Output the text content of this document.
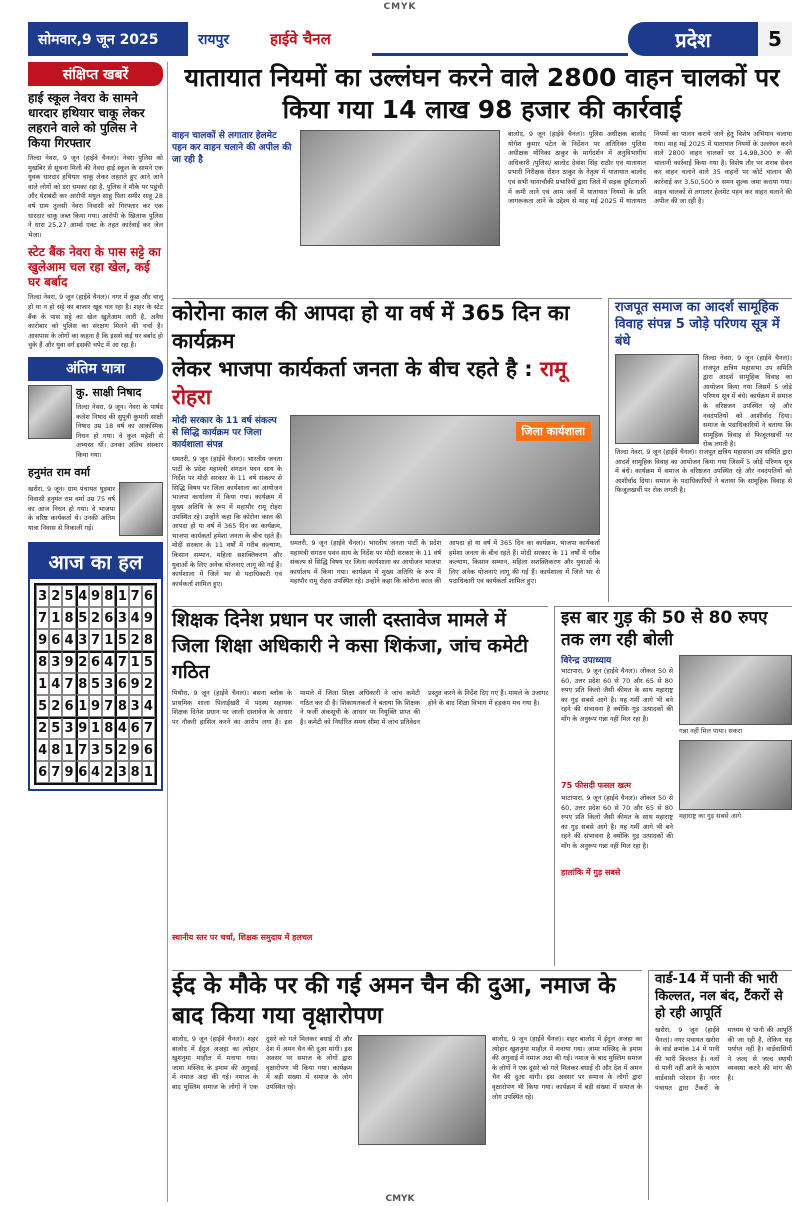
CMYK
सोमवार,9 जून 2025	रायपुर	हाईवे चैनल	प्रदेश	5
संक्षिप्त खबरें
हाई स्कूल नेवरा के सामने धारदार हथियार चाकू लेकर लहराने वाले को पुलिस ने किया गिरफ्तार
तिल्दा नेवरा, 9 जून (हाईवे चैनल)। नेवरा पुलिस को मुखबिर से सूचना मिली की नेवरा हाई स्कूल के सामने एक युवक धारदार हथियार चाकू लेकर लहराते हुए आने जाने वाले लोगों को डरा धमका रहा है, पुलिस ने मौके पर पहुंची और घेराबंदी कर आरोपी मयुल साहू पिता समीर साहू 28 वर्ष ग्राम तुलसी नेवरा निवासी को गिरफ्तार कर एक धारदार चाकू जब्त किया गया। आरोपी के खिलाफ पुलिस ने धारा 25,27 आर्म्स एक्ट के तहत कार्रवाई कर जेल भेजा।
स्टेट बैंक नेवरा के पास सट्टे का खुलेआम चल रहा खेल, कई घर बर्बाद
तिल्दा नेवरा, 9 जून (हाईवे चैनल)। नगर में कुछ और चालू हो या न हो सट्टे का बाजार खूब चल रहा है। शहर के स्टेट बैंक के पास सट्टे का खेल खुलेआम जारी है, अवैध कारोबार को पुलिस का संरक्षण मिलने की चर्चा है। आसपास के लोगों का कहना है कि इससे कई घर बर्बाद हो चुके हैं और युवा वर्ग इसकी चपेट में आ रहा है।
अंतिम यात्रा
कु. साक्षी निषाद
तिल्दा नेवरा, 9 जून। नेवरा के पार्षद कलेश निषाद की सुपुत्री कुमारी साक्षी निषाद उम्र 18 वर्ष का आकस्मिक निधन हो गया। वे कुल महेशी से अभ्यस्त थीं। उनका अंतिम संस्कार किया गया।
हनुमंत राम वर्मा
खरोरा, 9 जून। ग्राम पंचायत घुड़वार निवासी हनुमंत राम वर्मा उम्र 75 वर्ष का आज निधन हो गया। वे भाजपा के वरिष्ठ कार्यकर्ता थे। उनकी अंतिम यात्रा निवास से निकाली गई।
आज का हल
3 2 5 4 9 8 1 7 6
7 1 8 5 2 6 3 4 9
9 6 4 3 7 1 5 2 8
8 3 9 2 6 4 7 1 5
1 4 7 8 5 3 6 9 2
5 2 6 1 9 7 8 3 4
2 5 3 9 1 8 4 6 7
4 8 1 7 3 5 2 9 6
6 7 9 6 4 2 3 8 1
यातायात नियमों का उल्लंघन करने वाले 2800 वाहन चालकों पर किया गया 14 लाख 98 हजार की कार्रवाई
वाहन चालकों से लगातार हेलमेट पहन कर वाहन चलाने की अपील की जा रही है
बालोद, 9 जून (हाईवे चैनल)। पुलिस अधीक्षक बालोद योगेश कुमार पटेल के निर्देशन पर अतिरिक्त पुलिस अधीक्षक मोनिका ठाकुर के मार्गदर्शन में अनुविभागीय अधिकारी /पुलिस/ बालोद देवांश सिंह राठौर एवं यातायात प्रभारी निरीक्षक रोशन ठाकुर के नेतृत्व में यातायात बालोद एवं सभी थानाचौकी प्रभारियों द्वारा जिले में सड़क दुर्घटनाओं में कमी लाने एवं आम जनों में यातायात नियमों के प्रति जागरूकता लाने के उद्देश्य से माह मई 2025 में यातायात नियमों का पालन कराये जाने हेतु विशेष अभियान चलाया गया। माह मई 2025 में यातायात नियमों के उल्लंघन करने वाले 2800 वाहन चालकों पर 14,98,300 रु की चालानी कार्रवाई किया गया है। विशेष तौर पर शराब सेवन कर वाहन चलाने वाले 35 वाहनों पर कोर्ट चालान की कार्रवाई कर 3,50,500 रु समन शुल्क जमा कराया गया। वाहन चालकों से लगातार हेलमेट पहन कर वाहन चलाने की अपील की जा रही है।
कोरोना काल की आपदा हो या वर्ष में 365 दिन का कार्यक्रम
लेकर भाजपा कार्यकर्ता जनता के बीच रहते है : रामू रोहरा
मोदी सरकार के 11 वर्ष संकल्प से सिद्धि कार्यक्रम पर जिला कार्यशाला संपन्न
धमतरी, 9 जून (हाईवे चैनल)। भारतीय जनता पार्टी के प्रदेश महामंत्री संगठन पवन साय के निर्देश पर मोदी सरकार के 11 वर्ष संकल्प से सिद्धि विषय पर जिला कार्यशाला का आयोजन भाजपा कार्यालय में किया गया। कार्यक्रम में मुख्य अतिथि के रूप में महापौर रामू रोहरा उपस्थित रहे। उन्होंने कहा कि कोरोना काल की आपदा हो या वर्ष में 365 दिन का कार्यक्रम, भाजपा कार्यकर्ता हमेशा जनता के बीच रहते हैं। मोदी सरकार के 11 वर्षों में गरीब कल्याण, किसान सम्मान, महिला सशक्तिकरण और युवाओं के लिए अनेक योजनाएं लागू की गई हैं। कार्यशाला में जिले भर से पदाधिकारी एवं कार्यकर्ता शामिल हुए।
जिला कार्यशाला
धमतरी, 9 जून (हाईवे चैनल)। भारतीय जनता पार्टी के प्रदेश महामंत्री संगठन पवन साय के निर्देश पर मोदी सरकार के 11 वर्ष संकल्प से सिद्धि विषय पर जिला कार्यशाला का आयोजन भाजपा कार्यालय में किया गया। कार्यक्रम में मुख्य अतिथि के रूप में महापौर रामू रोहरा उपस्थित रहे। उन्होंने कहा कि कोरोना काल की आपदा हो या वर्ष में 365 दिन का कार्यक्रम, भाजपा कार्यकर्ता हमेशा जनता के बीच रहते हैं। मोदी सरकार के 11 वर्षों में गरीब कल्याण, किसान सम्मान, महिला सशक्तिकरण और युवाओं के लिए अनेक योजनाएं लागू की गई हैं। कार्यशाला में जिले भर से पदाधिकारी एवं कार्यकर्ता शामिल हुए।
राजपूत समाज का आदर्श सामूहिक विवाह संपन्न 5 जोड़े परिणय सूत्र में बंधे
तिल्दा नेवरा, 9 जून (हाईवे चैनल)। राजपूत क्षत्रिय महासभा उप समिति द्वारा आदर्श सामूहिक विवाह का आयोजन किया गया जिसमें 5 जोड़े परिणय सूत्र में बंधे। कार्यक्रम में समाज के वरिष्ठजन उपस्थित रहे और नवदंपतियों को आशीर्वाद दिया। समाज के पदाधिकारियों ने बताया कि सामूहिक विवाह से फिजूलखर्ची पर रोक लगती है।
तिल्दा नेवरा, 9 जून (हाईवे चैनल)। राजपूत क्षत्रिय महासभा उप समिति द्वारा आदर्श सामूहिक विवाह का आयोजन किया गया जिसमें 5 जोड़े परिणय सूत्र में बंधे। कार्यक्रम में समाज के वरिष्ठजन उपस्थित रहे और नवदंपतियों को आशीर्वाद दिया। समाज के पदाधिकारियों ने बताया कि सामूहिक विवाह से फिजूलखर्ची पर रोक लगती है।
शिक्षक दिनेश प्रधान पर जाली दस्तावेज मामले में जिला शिक्षा अधिकारी ने कसा शिकंजा, जांच कमेटी गठित
पिथौरा, 9 जून (हाईवे चैनल)। बसना ब्लॉक के प्राथमिक शाला पिलाईखरी में पदस्थ सहायक शिक्षक दिनेश प्रधान पर जाली दस्तावेज के आधार पर नौकरी हासिल करने का आरोप लगा है। इस मामले में जिला शिक्षा अधिकारी ने जांच कमेटी गठित कर दी है। शिकायतकर्ता ने बताया कि शिक्षक ने फर्जी अंकसूची के आधार पर नियुक्ति प्राप्त की है। कमेटी को निर्धारित समय सीमा में जांच प्रतिवेदन प्रस्तुत करने के निर्देश दिए गए हैं। मामले के उजागर होने के बाद शिक्षा विभाग में हड़कंप मच गया है।
स्थानीय स्तर पर चर्चा, शिक्षक समुदाय में हलचल
इस बार गुड़ की 50 से 80 रुपए तक लग रही बोली
विरेन्द्र उपाध्याय
भाटापारा, 9 जून (हाईवे चैनल)। लोकल 50 से 60, उत्तर प्रदेश 60 से 70 और 65 से 80 रुपए प्रति किलो जैसी कीमत के साथ महाराष्ट्र का गुड़ सबसे आगे है। यह गर्मी आगे भी बने रहने की संभावना है क्योंकि गुड़ उत्पादकों की माँग के अनुरूप गन्ना नहीं मिल रहा है।
75 फीसदी फसल खत्म
भाटापारा, 9 जून (हाईवे चैनल)। लोकल 50 से 60, उत्तर प्रदेश 60 से 70 और 65 से 80 रुपए प्रति किलो जैसी कीमत के साथ महाराष्ट्र का गुड़ सबसे आगे है। यह गर्मी आगे भी बने रहने की संभावना है क्योंकि गुड़ उत्पादकों की माँग के अनुरूप गन्ना नहीं मिल रहा है।
हालांकि में गुड़ सबसे
गन्ना नहीं मिल पाया। सकरा
महाराष्ट्र का गुड़ सबसे आगे
ईद के मौके पर की गई अमन चैन की दुआ, नमाज के बाद किया गया वृक्षारोपण
बालोद, 9 जून (हाईवे चैनल)। शहर बालोद में ईदुल अजहा का त्योहार खुशनुमा माहौल में मनाया गया। जामा मस्जिद के इमाम की अगुवाई में नमाज अदा की गई। नमाज के बाद मुस्लिम समाज के लोगों ने एक दूसरे को गले मिलकर बधाई दी और देश में अमन चैन की दुआ मांगी। इस अवसर पर समाज के लोगों द्वारा वृक्षारोपण भी किया गया। कार्यक्रम में बड़ी संख्या में समाज के लोग उपस्थित रहे।
बालोद, 9 जून (हाईवे चैनल)। शहर बालोद में ईदुल अजहा का त्योहार खुशनुमा माहौल में मनाया गया। जामा मस्जिद के इमाम की अगुवाई में नमाज अदा की गई। नमाज के बाद मुस्लिम समाज के लोगों ने एक दूसरे को गले मिलकर बधाई दी और देश में अमन चैन की दुआ मांगी। इस अवसर पर समाज के लोगों द्वारा वृक्षारोपण भी किया गया। कार्यक्रम में बड़ी संख्या में समाज के लोग उपस्थित रहे।
वार्ड-14 में पानी की भारी किल्लत, नल बंद, टैंकरों से हो रही आपूर्ति
खरोरा, 9 जून (हाईवे चैनल)। नगर पंचायत खरोरा के वार्ड क्रमांक 14 में पानी की भारी किल्लत है। नलों से पानी नहीं आने के कारण वार्डवासी परेशान हैं। नगर पंचायत द्वारा टैंकरों के माध्यम से पानी की आपूर्ति की जा रही है, लेकिन यह पर्याप्त नहीं है। वार्डवासियों ने जल्द से जल्द स्थायी व्यवस्था करने की मांग की है।
CMYK
